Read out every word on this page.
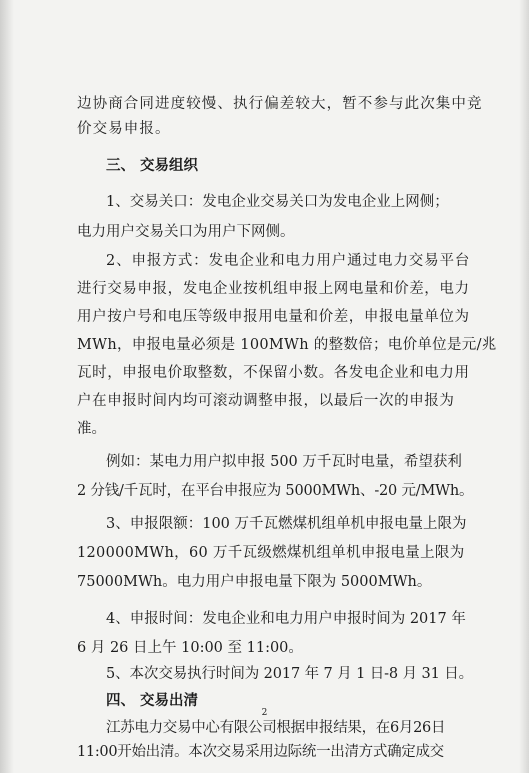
边协商合同进度较慢、执行偏差较大，暂不参与此次集中竞
价交易申报。
三、 交易组织
1、交易关口：发电企业交易关口为发电企业上网侧；
电力用户交易关口为用户下网侧。
2、申报方式：发电企业和电力用户通过电力交易平台
进行交易申报，发电企业按机组申报上网电量和价差，电力
用户按户号和电压等级申报用电量和价差，申报电量单位为
MWh，申报电量必须是 100MWh 的整数倍；电价单位是元/兆
瓦时，申报电价取整数，不保留小数。各发电企业和电力用
户在申报时间内均可滚动调整申报，以最后一次的申报为
准。
例如：某电力用户拟申报 500 万千瓦时电量，希望获利
2 分钱/千瓦时，在平台申报应为 5000MWh、-20 元/MWh。
3、申报限额：100 万千瓦燃煤机组单机申报电量上限为
120000MWh，60 万千瓦级燃煤机组单机申报电量上限为
75000MWh。电力用户申报电量下限为 5000MWh。
4、申报时间：发电企业和电力用户申报时间为 2017 年
6 月 26 日上午 10:00 至 11:00。
5、本次交易执行时间为 2017 年 7 月 1 日-8 月 31 日。
四、 交易出清
江苏电力交易中心有限公司根据申报结果，在6月26日
11:00开始出清。本次交易采用边际统一出清方式确定成交
2
